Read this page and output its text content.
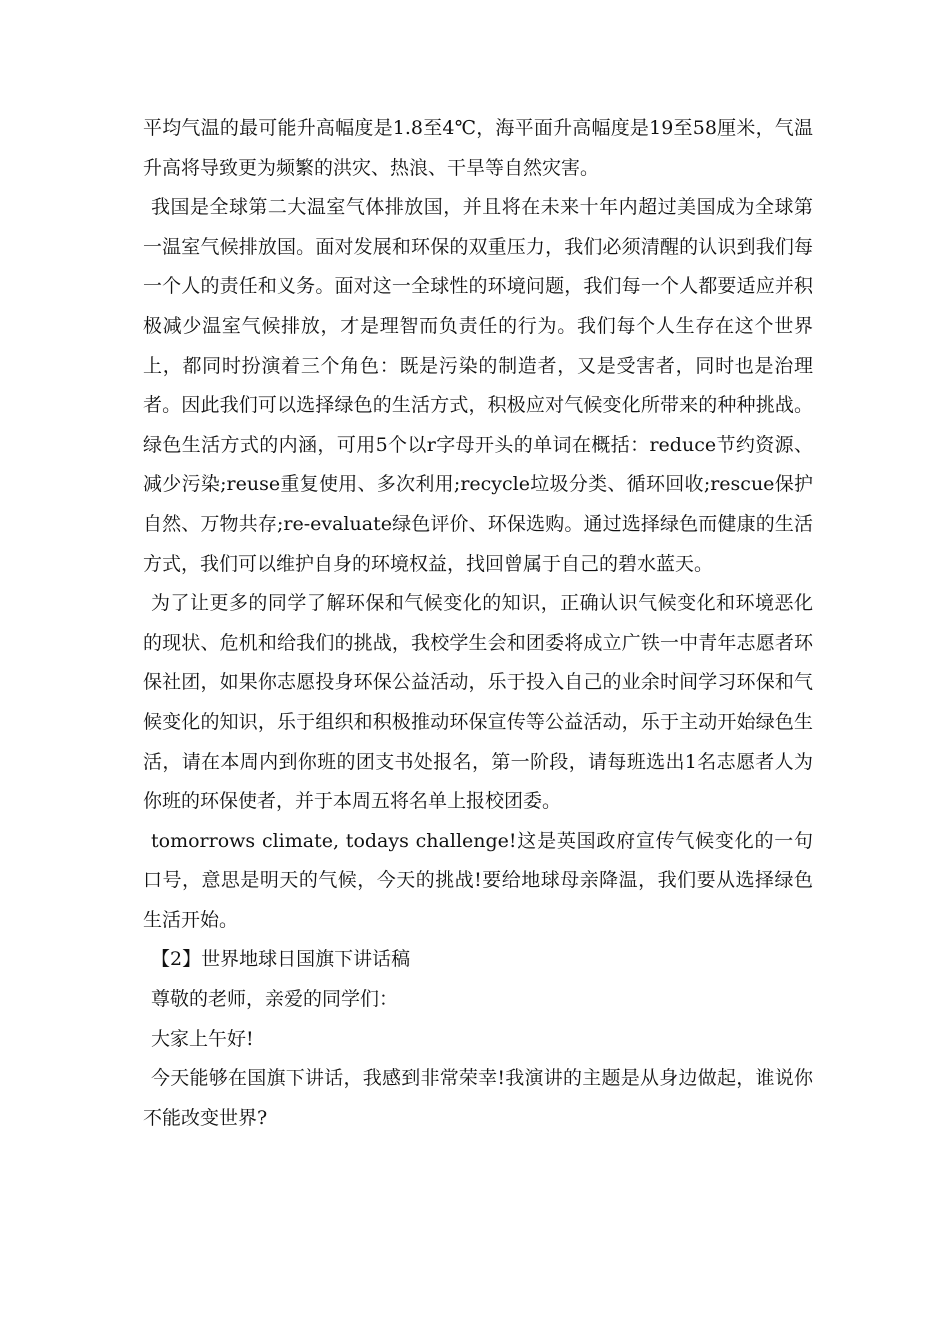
平均气温的最可能升高幅度是1.8至4℃，海平面升高幅度是19至58厘米，气温升高将导致更为频繁的洪灾、热浪、干旱等自然灾害。

我国是全球第二大温室气体排放国，并且将在未来十年内超过美国成为全球第一温室气候排放国。面对发展和环保的双重压力，我们必须清醒的认识到我们每一个人的责任和义务。面对这一全球性的环境问题，我们每一个人都要适应并积极减少温室气候排放，才是理智而负责任的行为。我们每个人生存在这个世界上，都同时扮演着三个角色：既是污染的制造者，又是受害者，同时也是治理者。因此我们可以选择绿色的生活方式，积极应对气候变化所带来的种种挑战。绿色生活方式的内涵，可用5个以r字母开头的单词在概括：reduce节约资源、减少污染;reuse重复使用、多次利用;recycle垃圾分类、循环回收;rescue保护自然、万物共存;re-evaluate绿色评价、环保选购。通过选择绿色而健康的生活方式，我们可以维护自身的环境权益，找回曾属于自己的碧水蓝天。

为了让更多的同学了解环保和气候变化的知识，正确认识气候变化和环境恶化的现状、危机和给我们的挑战，我校学生会和团委将成立广铁一中青年志愿者环保社团，如果你志愿投身环保公益活动，乐于投入自己的业余时间学习环保和气候变化的知识，乐于组织和积极推动环保宣传等公益活动，乐于主动开始绿色生活，请在本周内到你班的团支书处报名，第一阶段，请每班选出1名志愿者人为你班的环保使者，并于本周五将名单上报校团委。

tomorrows climate, todays challenge!这是英国政府宣传气候变化的一句口号，意思是明天的气候，今天的挑战!要给地球母亲降温，我们要从选择绿色生活开始。

【2】世界地球日国旗下讲话稿

尊敬的老师，亲爱的同学们：

大家上午好!

今天能够在国旗下讲话，我感到非常荣幸!我演讲的主题是从身边做起，谁说你不能改变世界?
